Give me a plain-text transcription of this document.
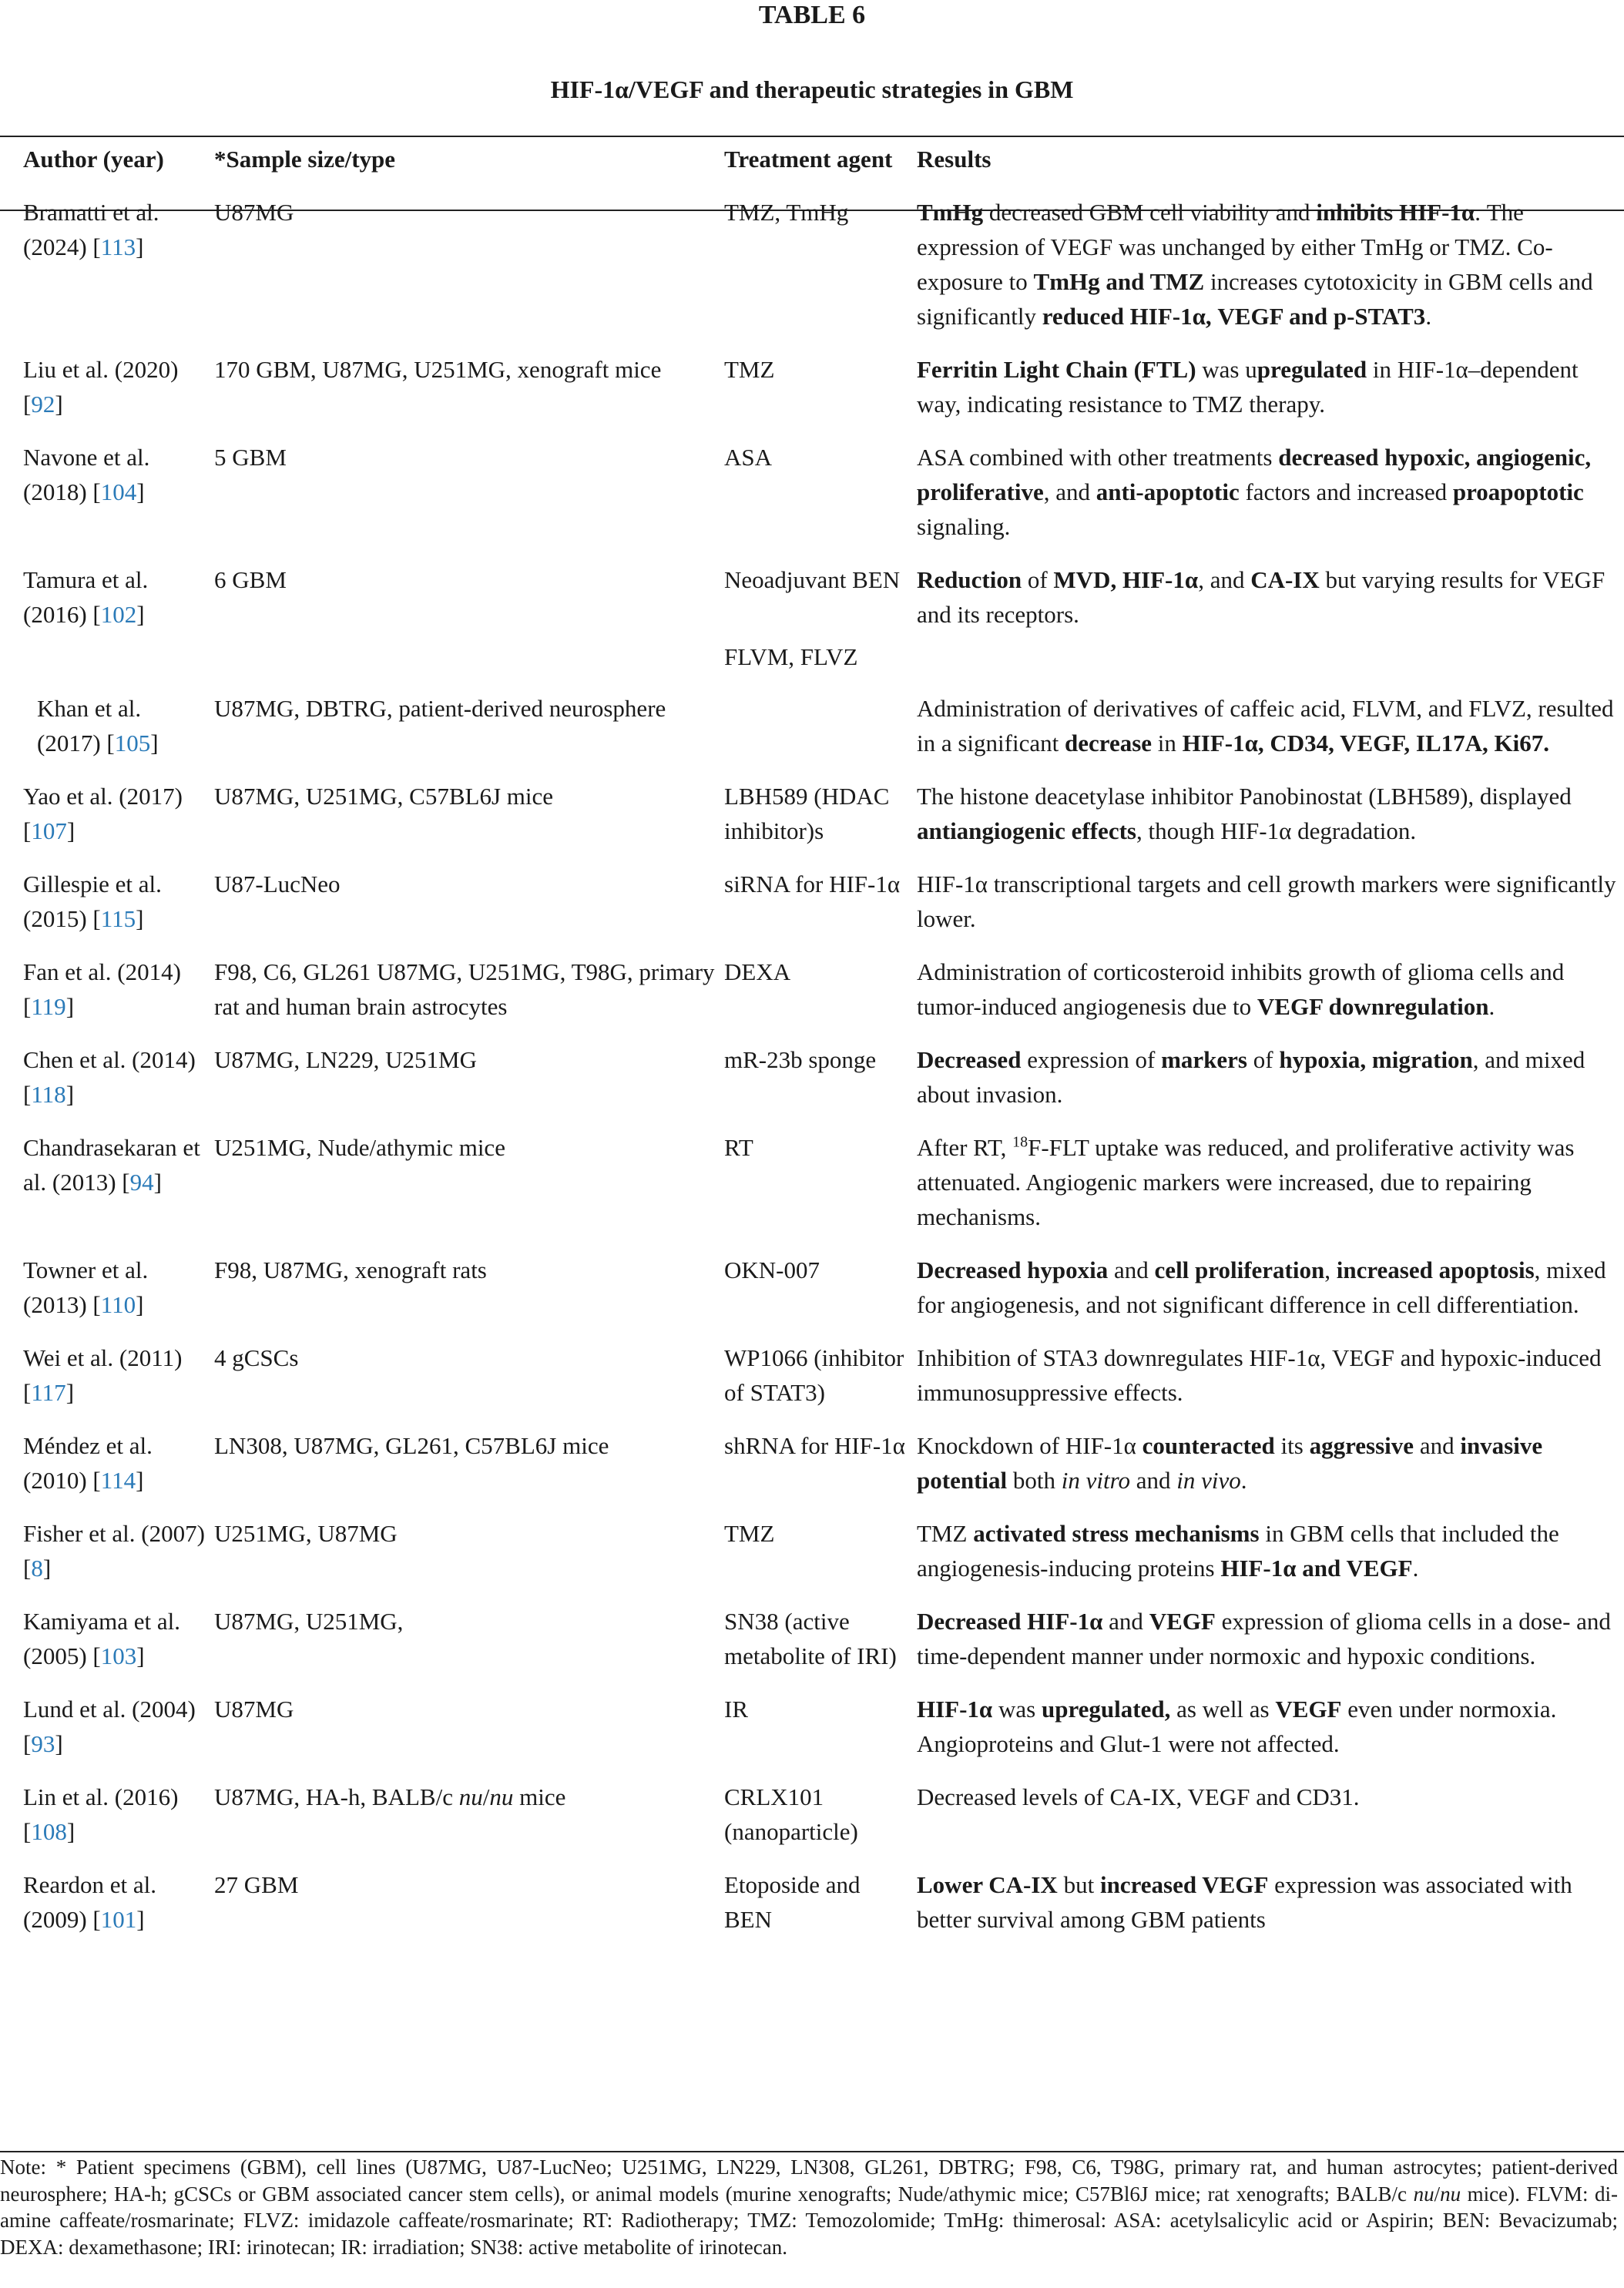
TABLE 6
HIF-1α/VEGF and therapeutic strategies in GBM
Author (year)	*Sample size/type	Treatment agent	Results
Bramatti et al. (2024) [113]	U87MG	TMZ, TmHg	TmHg decreased GBM cell viability and inhibits HIF-1α. The expression of VEGF was unchanged by either TmHg or TMZ. Co-exposure to TmHg and TMZ increases cytotoxicity in GBM cells and significantly reduced HIF-1α, VEGF and p-STAT3.
Liu et al. (2020) [92]	170 GBM, U87MG, U251MG, xenograft mice	TMZ	Ferritin Light Chain (FTL) was upregulated in HIF-1α–dependent way, indicating resistance to TMZ therapy.
Navone et al. (2018) [104]	5 GBM	ASA	ASA combined with other treatments decreased hypoxic, angiogenic, proliferative, and anti-apoptotic factors and increased proapoptotic signaling.
Tamura et al. (2016) [102]	6 GBM	Neoadjuvant BEN	Reduction of MVD, HIF-1α, and CA-IX but varying results for VEGF and its receptors.
		FLVM, FLVZ	
Khan et al. (2017) [105]	U87MG, DBTRG, patient-derived neurosphere		Administration of derivatives of caffeic acid, FLVM, and FLVZ, resulted in a significant decrease in HIF-1α, CD34, VEGF, IL17A, Ki67.
Yao et al. (2017) [107]	U87MG, U251MG, C57BL6J mice	LBH589 (HDAC inhibitor)s	The histone deacetylase inhibitor Panobinostat (LBH589), displayed antiangiogenic effects, though HIF-1α degradation.
Gillespie et al. (2015) [115]	U87-LucNeo	siRNA for HIF-1α	HIF-1α transcriptional targets and cell growth markers were significantly lower.
Fan et al. (2014) [119]	F98, C6, GL261 U87MG, U251MG, T98G, primary rat and human brain astrocytes	DEXA	Administration of corticosteroid inhibits growth of glioma cells and tumor-induced angiogenesis due to VEGF downregulation.
Chen et al. (2014) [118]	U87MG, LN229, U251MG	mR-23b sponge	Decreased expression of markers of hypoxia, migration, and mixed about invasion.
Chandrasekaran et al. (2013) [94]	U251MG, Nude/athymic mice	RT	After RT, $^{18}$F-FLT uptake was reduced, and proliferative activity was attenuated. Angiogenic markers were increased, due to repairing mechanisms.
Towner et al. (2013) [110]	F98, U87MG, xenograft rats	OKN-007	Decreased hypoxia and cell proliferation, increased apoptosis, mixed for angiogenesis, and not significant difference in cell differentiation.
Wei et al. (2011) [117]	4 gCSCs	WP1066 (inhibitor of STAT3)	Inhibition of STA3 downregulates HIF-1α, VEGF and hypoxic-induced immunosuppressive effects.
Méndez et al. (2010) [114]	LN308, U87MG, GL261, C57BL6J mice	shRNA for HIF-1α	Knockdown of HIF-1α counteracted its aggressive and invasive potential both in vitro and in vivo.
Fisher et al. (2007) [8]	U251MG, U87MG	TMZ	TMZ activated stress mechanisms in GBM cells that included the angiogenesis-inducing proteins HIF-1α and VEGF.
Kamiyama et al. (2005) [103]	U87MG, U251MG,	SN38 (active metabolite of IRI)	Decreased HIF-1α and VEGF expression of glioma cells in a dose- and time-dependent manner under normoxic and hypoxic conditions.
Lund et al. (2004) [93]	U87MG	IR	HIF-1α was upregulated, as well as VEGF even under normoxia. Angioproteins and Glut-1 were not affected.
Lin et al. (2016) [108]	U87MG, HA-h, BALB/c nu/nu mice	CRLX101 (nanoparticle)	Decreased levels of CA-IX, VEGF and CD31.
Reardon et al. (2009) [101]	27 GBM	Etoposide and BEN	Lower CA-IX but increased VEGF expression was associated with better survival among GBM patients
Note: * Patient specimens (GBM), cell lines (U87MG, U87-LucNeo; U251MG, LN229, LN308, GL261, DBTRG; F98, C6, T98G, primary rat, and human astrocytes; patient-derived neurosphere; HA-h; gCSCs or GBM associated cancer stem cells), or animal models (murine xenografts; Nude/athymic mice; C57Bl6J mice; rat xenografts; BALB/c nu/nu mice). FLVM: di-amine caffeate/rosmarinate; FLVZ: imidazole caffeate/rosmarinate; RT: Radiotherapy; TMZ: Temozolomide; TmHg: thimerosal: ASA: acetylsalicylic acid or Aspirin; BEN: Bevacizumab; DEXA: dexamethasone; IRI: irinotecan; IR: irradiation; SN38: active metabolite of irinotecan.
